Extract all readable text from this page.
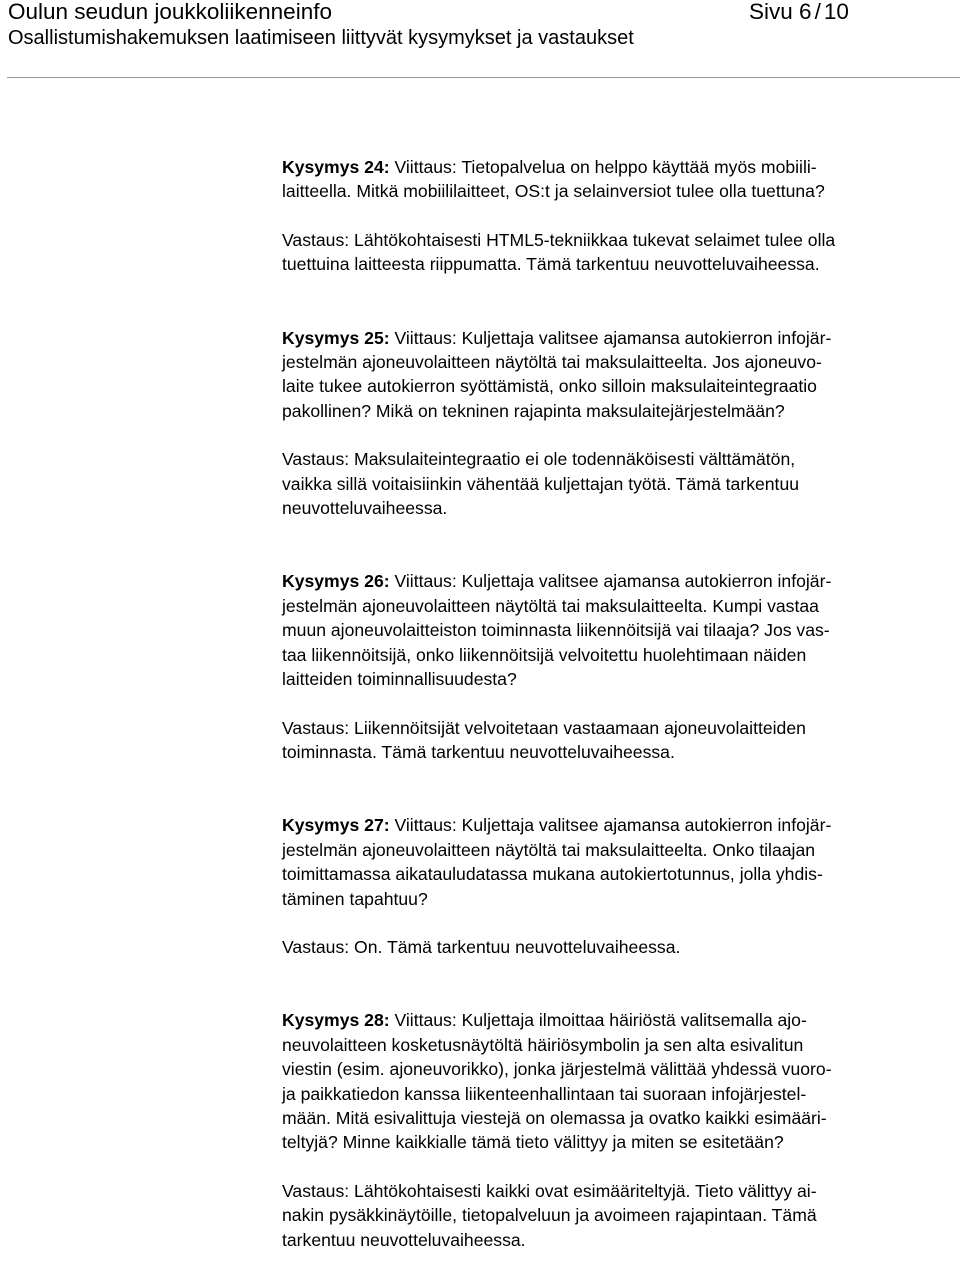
Oulun seudun joukkoliikenneinfo	Sivu 6 / 10
Osallistumishakemuksen laatimiseen liittyvät kysymykset ja vastaukset

Kysymys 24: Viittaus: Tietopalvelua on helppo käyttää myös mobiili-
laitteella. Mitkä mobiililaitteet, OS:t ja selainversiot tulee olla tuettuna?

Vastaus: Lähtökohtaisesti HTML5-tekniikkaa tukevat selaimet tulee olla
tuettuina laitteesta riippumatta. Tämä tarkentuu neuvotteluvaiheessa.

Kysymys 25: Viittaus: Kuljettaja valitsee ajamansa autokierron infojär-
jestelmän ajoneuvolaitteen näytöltä tai maksulaitteelta. Jos ajoneuvo-
laite tukee autokierron syöttämistä, onko silloin maksulaiteintegraatio
pakollinen? Mikä on tekninen rajapinta maksulaitejärjestelmään?

Vastaus: Maksulaiteintegraatio ei ole todennäköisesti välttämätön,
vaikka sillä voitaisiinkin vähentää kuljettajan työtä. Tämä tarkentuu
neuvotteluvaiheessa.

Kysymys 26: Viittaus: Kuljettaja valitsee ajamansa autokierron infojär-
jestelmän ajoneuvolaitteen näytöltä tai maksulaitteelta. Kumpi vastaa
muun ajoneuvolaitteiston toiminnasta liikennöitsijä vai tilaaja? Jos vas-
taa liikennöitsijä, onko liikennöitsijä velvoitettu huolehtimaan näiden
laitteiden toiminnallisuudesta?

Vastaus: Liikennöitsijät velvoitetaan vastaamaan ajoneuvolaitteiden
toiminnasta. Tämä tarkentuu neuvotteluvaiheessa.

Kysymys 27: Viittaus: Kuljettaja valitsee ajamansa autokierron infojär-
jestelmän ajoneuvolaitteen näytöltä tai maksulaitteelta. Onko tilaajan
toimittamassa aikatauludatassa mukana autokiertotunnus, jolla yhdis-
täminen tapahtuu?

Vastaus: On. Tämä tarkentuu neuvotteluvaiheessa.

Kysymys 28: Viittaus: Kuljettaja ilmoittaa häiriöstä valitsemalla ajo-
neuvolaitteen kosketusnäytöltä häiriösymbolin ja sen alta esivalitun
viestin (esim. ajoneuvorikko), jonka järjestelmä välittää yhdessä vuoro-
ja paikkatiedon kanssa liikenteenhallintaan tai suoraan infojärjestel-
mään. Mitä esivalittuja viestejä on olemassa ja ovatko kaikki esimääri-
teltyjä? Minne kaikkialle tämä tieto välittyy ja miten se esitetään?

Vastaus: Lähtökohtaisesti kaikki ovat esimääriteltyjä. Tieto välittyy ai-
nakin pysäkkinäytöille, tietopalveluun ja avoimeen rajapintaan. Tämä
tarkentuu neuvotteluvaiheessa.
